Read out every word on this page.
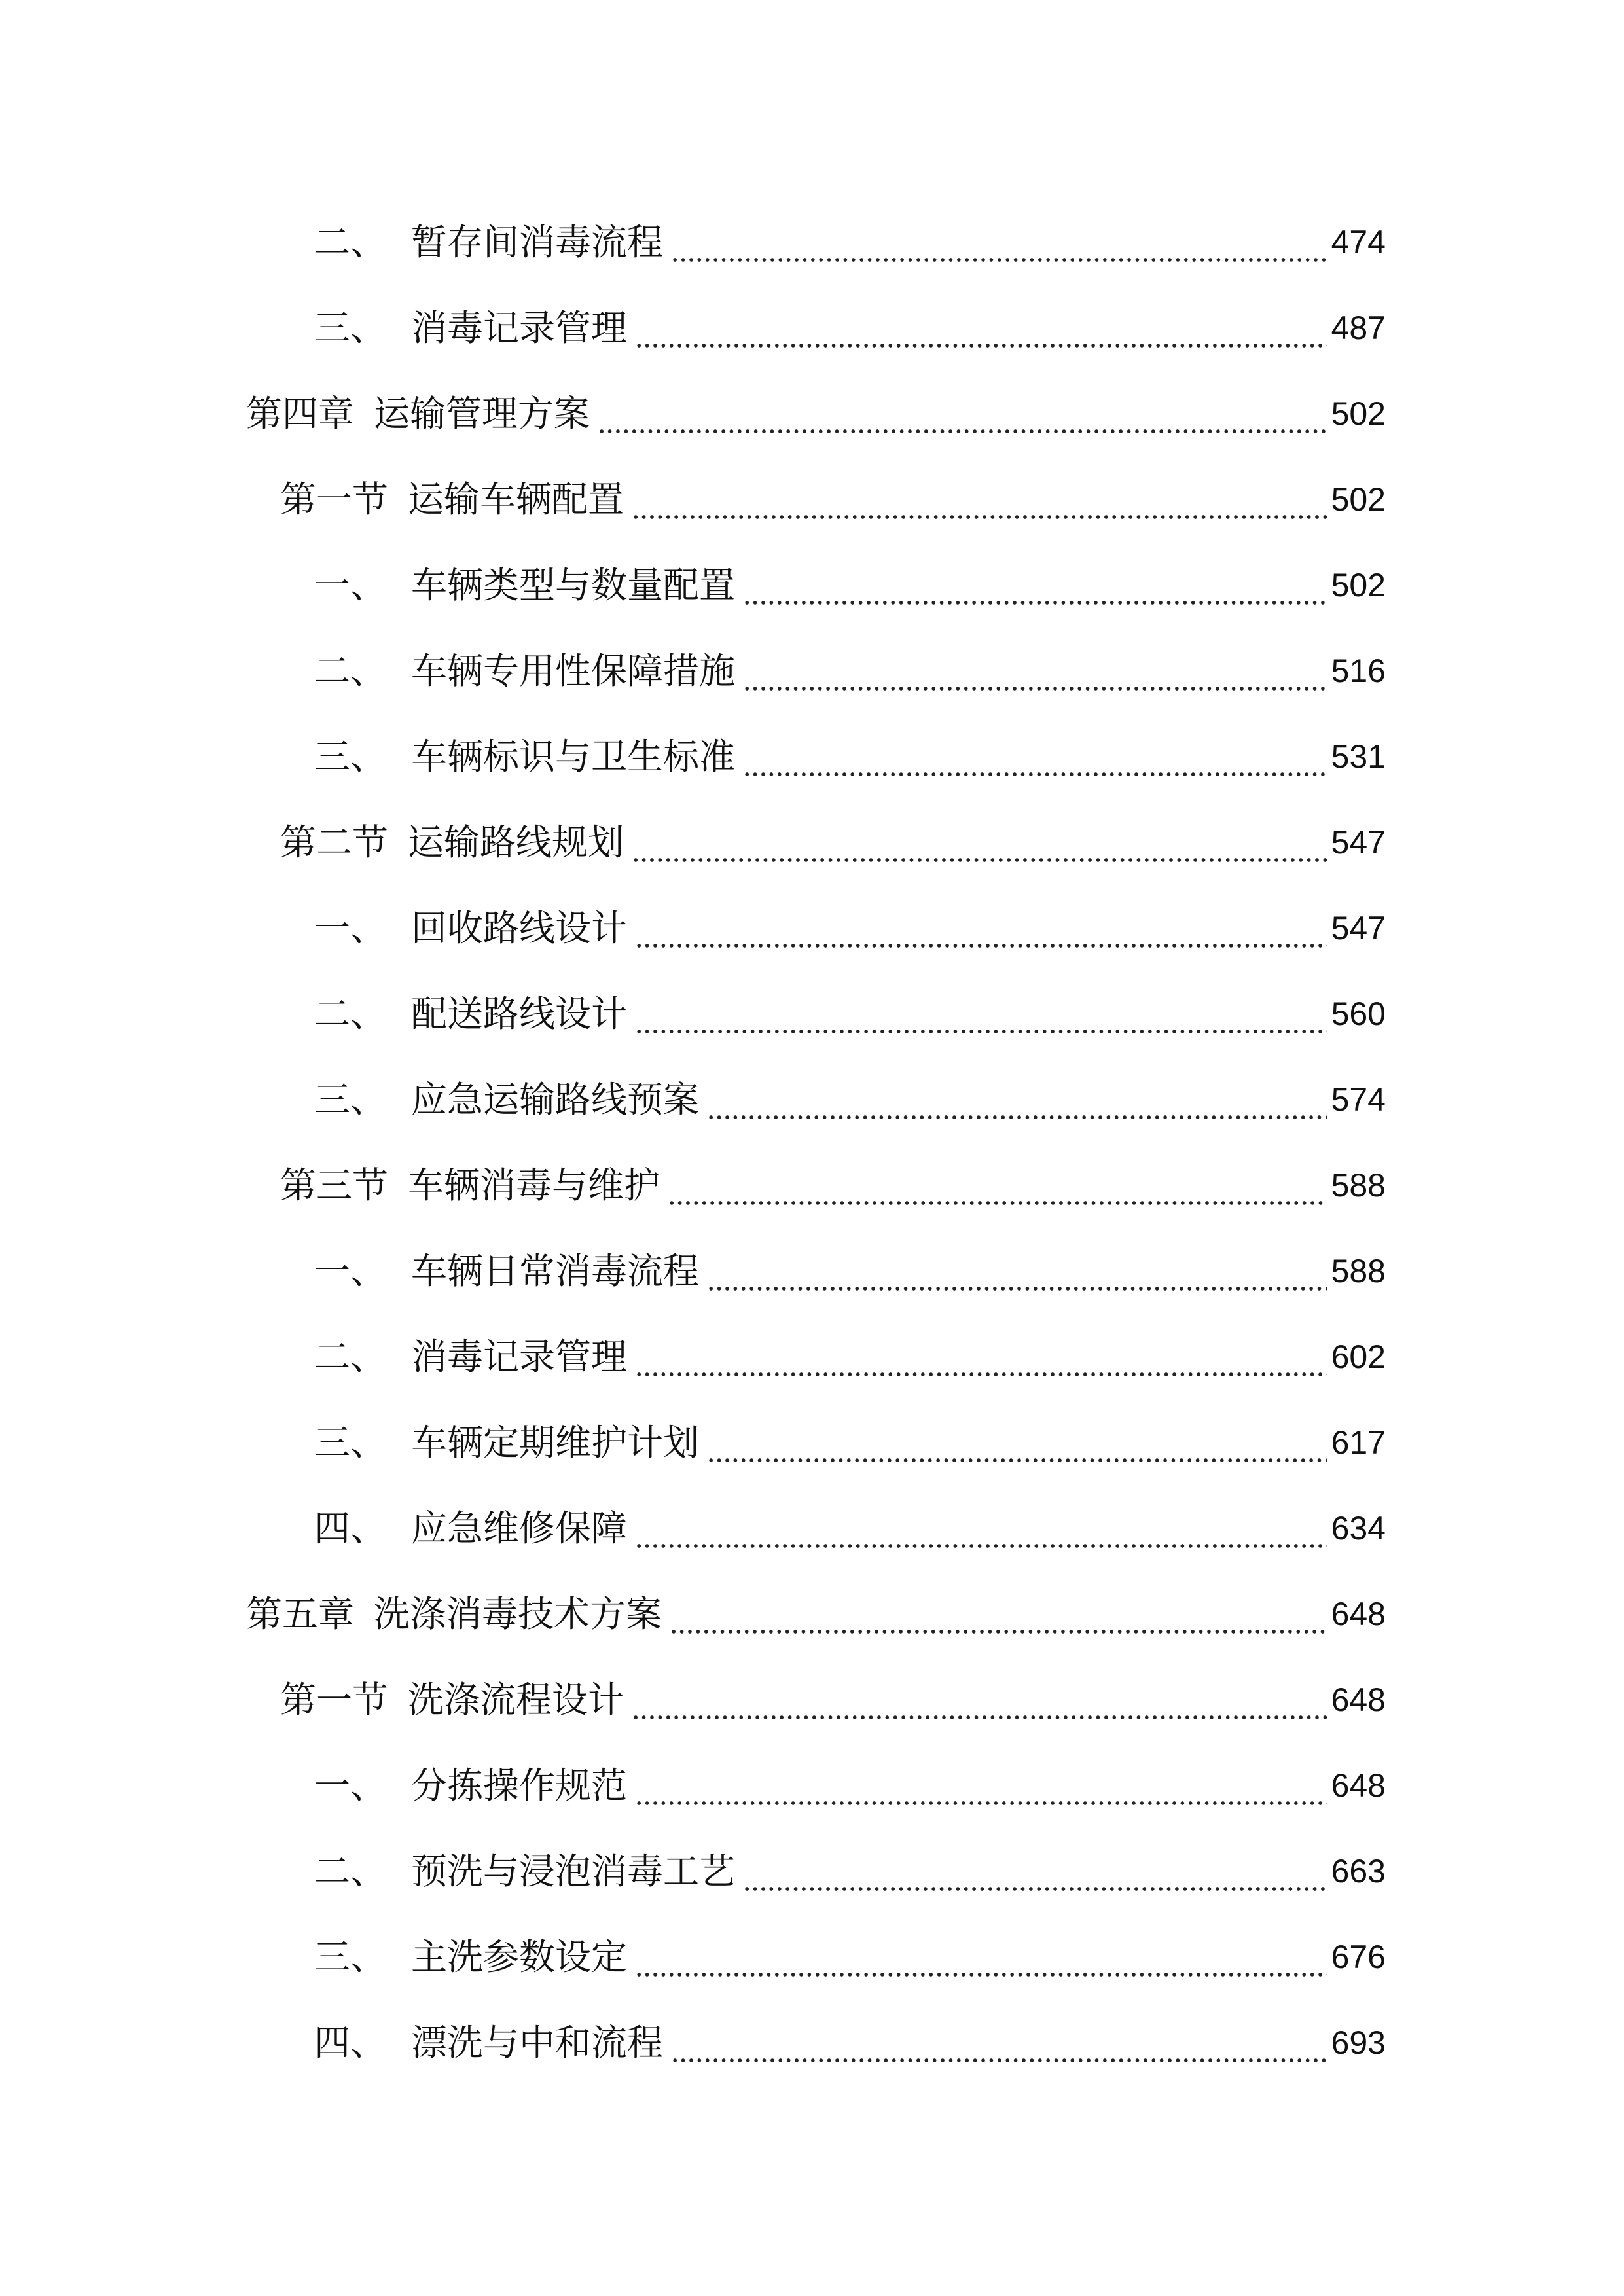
二、 暂存间消毒流程	474
三、 消毒记录管理	487
第四章 运输管理方案	502
第一节 运输车辆配置	502
一、 车辆类型与数量配置	502
二、 车辆专用性保障措施	516
三、 车辆标识与卫生标准	531
第二节 运输路线规划	547
一、 回收路线设计	547
二、 配送路线设计	560
三、 应急运输路线预案	574
第三节 车辆消毒与维护	588
一、 车辆日常消毒流程	588
二、 消毒记录管理	602
三、 车辆定期维护计划	617
四、 应急维修保障	634
第五章 洗涤消毒技术方案	648
第一节 洗涤流程设计	648
一、 分拣操作规范	648
二、 预洗与浸泡消毒工艺	663
三、 主洗参数设定	676
四、 漂洗与中和流程	693
